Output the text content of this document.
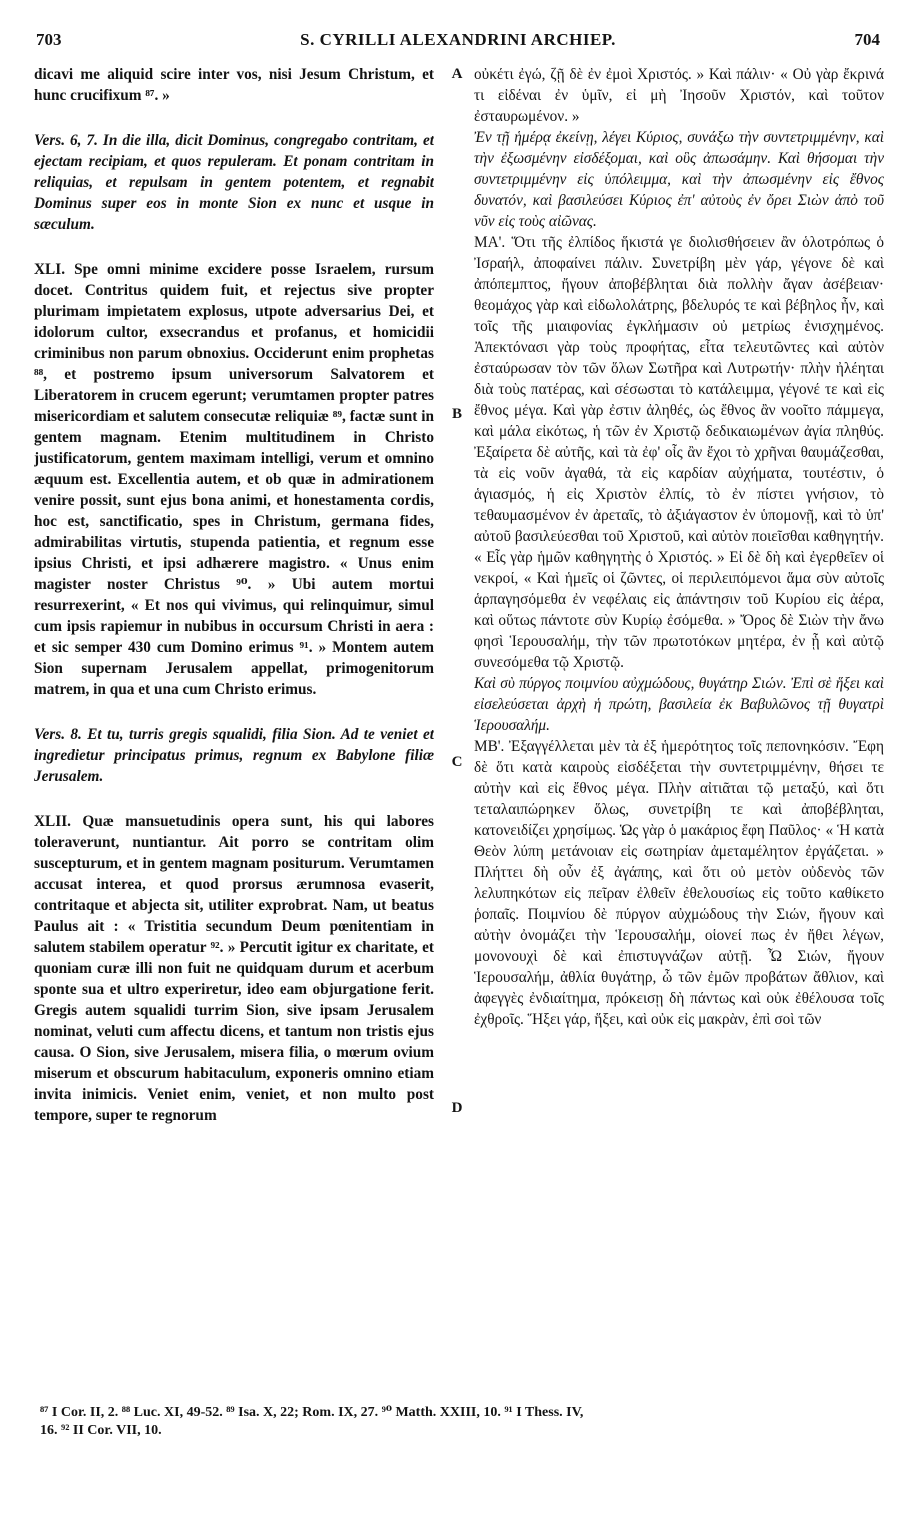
703	S. CYRILLI ALEXANDRINI ARCHIEP.	704

dicavi me aliquid scire inter vos, nisi Jesum Christum, et hunc crucifixum ⁸⁷. »

Vers. 6, 7. In die illa, dicit Dominus, congregabo contritam, et ejectam recipiam, et quos repuleram. Et ponam contritam in reliquias, et repulsam in gentem potentem, et regnabit Dominus super eos in monte Sion ex nunc et usque in sæculum.

XLI. Spe omni minime excidere posse Israelem, rursum docet. Contritus quidem fuit, et rejectus sive propter plurimam impietatem explosus, utpote adversarius Dei, et idolorum cultor, exsecrandus et profanus, et homicidii criminibus non parum obnoxius. Occiderunt enim prophetas ⁸⁸, et postremo ipsum universorum Salvatorem et Liberatorem in crucem egerunt; verumtamen propter patres misericordiam et salutem consecutæ reliquiæ ⁸⁹, factæ sunt in gentem magnam. Etenim multitudinem in Christo justificatorum, gentem maximam intelligi, verum et omnino æquum est. Excellentia autem, et ob quæ in admirationem venire possit, sunt ejus bona animi, et honestamenta cordis, hoc est, sanctificatio, spes in Christum, germana fides, admirabilitas virtutis, stupenda patientia, et regnum esse ipsius Christi, et ipsi adhærere magistro. « Unus enim magister noster Christus ⁹⁰. » Ubi autem mortui resurrexerint, « Et nos qui vivimus, qui relinquimur, simul cum ipsis rapiemur in nubibus in occursum Christi in aera : et sic semper 430 cum Domino erimus ⁹¹. » Montem autem Sion supernam Jerusalem appellat, primogenitorum matrem, in qua et una cum Christo erimus.

Vers. 8. Et tu, turris gregis squalidi, filia Sion. Ad te veniet et ingredietur principatus primus, regnum ex Babylone filiæ Jerusalem.

XLII. Quæ mansuetudinis opera sunt, his qui labores toleraverunt, nuntiantur. Ait porro se contritam olim suscepturum, et in gentem magnam positurum. Verumtamen accusat interea, et quod prorsus ærumnosa evaserit, contritaque et abjecta sit, utiliter exprobrat. Nam, ut beatus Paulus ait : « Tristitia secundum Deum pœnitentiam in salutem stabilem operatur ⁹². » Percutit igitur ex charitate, et quoniam curæ illi non fuit ne quidquam durum et acerbum sponte sua et ultro experiretur, ideo eam objurgatione ferit. Gregis autem squalidi turrim Sion, sive ipsam Jerusalem nominat, veluti cum affectu dicens, et tantum non tristis ejus causa. O Sion, sive Jerusalem, misera filia, o mœrum ovium miserum et obscurum habitaculum, exponeris omnino etiam invita inimicis. Veniet enim, veniet, et non multo post tempore, super te regnorum

A
B
C
D

οὐκέτι ἐγώ, ζῇ δὲ ἐν ἐμοὶ Χριστός. » Καὶ πάλιν· « Οὐ γὰρ ἔκρινά τι εἰδέναι ἐν ὑμῖν, εἰ μὴ Ἰησοῦν Χριστόν, καὶ τοῦτον ἐσταυρωμένον. »

Ἐν τῇ ἡμέρᾳ ἐκείνῃ, λέγει Κύριος, συνάξω τὴν συντετριμμένην, καὶ τὴν ἐξωσμένην εἰσδέξομαι, καὶ οὓς ἀπωσάμην. Καὶ θήσομαι τὴν συντετριμμένην εἰς ὑπόλειμμα, καὶ τὴν ἀπωσμένην εἰς ἔθνος δυνατόν, καὶ βασιλεύσει Κύριος ἐπ' αὐτοὺς ἐν ὄρει Σιὼν ἀπὸ τοῦ νῦν εἰς τοὺς αἰῶνας.

ΜΑ'. Ὅτι τῆς ἐλπίδος ἥκιστά γε διολισθήσειεν ἂν ὁλοτρόπως ὁ Ἰσραήλ, ἀποφαίνει πάλιν. Συνετρίβη μὲν γάρ, γέγονε δὲ καὶ ἀπόπεμπτος, ἤγουν ἀποβέβληται διὰ πολλὴν ἄγαν ἀσέβειαν· θεομάχος γὰρ καὶ εἰδωλολάτρης, βδελυρός τε καὶ βέβηλος ἦν, καὶ τοῖς τῆς μιαιφονίας ἐγκλήμασιν οὐ μετρίως ἐνισχημένος. Ἀπεκτόνασι γὰρ τοὺς προφήτας, εἶτα τελευτῶντες καὶ αὐτὸν ἐσταύρωσαν τὸν τῶν ὅλων Σωτῆρα καὶ Λυτρωτήν· πλὴν ἠλέηται διὰ τοὺς πατέρας, καὶ σέσωσται τὸ κατάλειμμα, γέγονέ τε καὶ εἰς ἔθνος μέγα. Καὶ γὰρ ἐστιν ἀληθές, ὡς ἔθνος ἂν νοοῖτο πάμμεγα, καὶ μάλα εἰκότως, ἡ τῶν ἐν Χριστῷ δεδικαιωμένων ἀγία πληθύς. Ἐξαίρετα δὲ αὐτῆς, καὶ τὰ ἐφ' οἷς ἂν ἔχοι τὸ χρῆναι θαυμάζεσθαι, τὰ εἰς νοῦν ἀγαθά, τὰ εἰς καρδίαν αὐχήματα, τουτέστιν, ὁ ἁγιασμός, ἡ εἰς Χριστὸν ἐλπίς, τὸ ἐν πίστει γνήσιον, τὸ τεθαυμασμένον ἐν ἀρεταῖς, τὸ ἀξιάγαστον ἐν ὑπομονῇ, καὶ τὸ ὑπ' αὐτοῦ βασιλεύεσθαι τοῦ Χριστοῦ, καὶ αὐτὸν ποιεῖσθαι καθηγητήν. « Εἷς γὰρ ἡμῶν καθηγητὴς ὁ Χριστός. » Εἰ δὲ δὴ καὶ ἐγερθεῖεν οἱ νεκροί, « Καὶ ἡμεῖς οἱ ζῶντες, οἱ περιλειπόμενοι ἅμα σὺν αὐτοῖς ἁρπαγησόμεθα ἐν νεφέλαις εἰς ἀπάντησιν τοῦ Κυρίου εἰς ἀέρα, καὶ οὕτως πάντοτε σὺν Κυρίῳ ἐσόμεθα. » Ὄρος δὲ Σιὼν τὴν ἄνω φησὶ Ἱερουσαλήμ, τὴν τῶν πρωτοτόκων μητέρα, ἐν ᾗ καὶ αὐτῷ συνεσόμεθα τῷ Χριστῷ.

Καὶ σὺ πύργος ποιμνίου αὐχμώδους, θυγάτηρ Σιών. Ἐπὶ σὲ ἥξει καὶ εἰσελεύσεται ἀρχὴ ἡ πρώτη, βασιλεία ἐκ Βαβυλῶνος τῇ θυγατρὶ Ἱερουσαλήμ.

ΜΒ'. Ἐξαγγέλλεται μὲν τὰ ἐξ ἡμερότητος τοῖς πεπονηκόσιν. Ἔφη δὲ ὅτι κατὰ καιροὺς εἰσδέξεται τὴν συντετριμμένην, θήσει τε αὐτὴν καὶ εἰς ἔθνος μέγα. Πλὴν αἰτιᾶται τῷ μεταξύ, καὶ ὅτι τεταλαιπώρηκεν ὅλως, συνετρίβη τε καὶ ἀποβέβληται, κατονειδίζει χρησίμως. Ὡς γὰρ ὁ μακάριος ἔφη Παῦλος· « Ἡ κατὰ Θεὸν λύπη μετάνοιαν εἰς σωτηρίαν ἀμεταμέλητον ἐργάζεται. » Πλήττει δὴ οὖν ἐξ ἀγάπης, καὶ ὅτι οὐ μετὸν οὐδενὸς τῶν λελυπηκότων εἰς πεῖραν ἐλθεῖν ἐθελουσίως εἰς τοῦτο καθίκετο ῥοπαῖς. Ποιμνίου δὲ πύργον αὐχμώδους τὴν Σιών, ἤγουν καὶ αὐτὴν ὀνομάζει τὴν Ἱερουσαλήμ, οἱονεί πως ἐν ἤθει λέγων, μονονουχὶ δὲ καὶ ἐπιστυγνάζων αὐτῇ. Ὦ Σιών, ἤγουν Ἱερουσαλήμ, ἀθλία θυγάτηρ, ὦ τῶν ἐμῶν προβάτων ἄθλιον, καὶ ἀφεγγὲς ἐνδιαίτημα, πρόκεισῃ δὴ πάντως καὶ οὐκ ἐθέλουσα τοῖς ἐχθροῖς. Ἥξει γάρ, ἥξει, καὶ οὐκ εἰς μακρὰν, ἐπὶ σοὶ τῶν

⁸⁷ I Cor. II, 2. ⁸⁸ Luc. XI, 49-52. ⁸⁹ Isa. X, 22; Rom. IX, 27. ⁹⁰ Matth. XXIII, 10. ⁹¹ I Thess. IV,

16. ⁹² II Cor. VII, 10.
